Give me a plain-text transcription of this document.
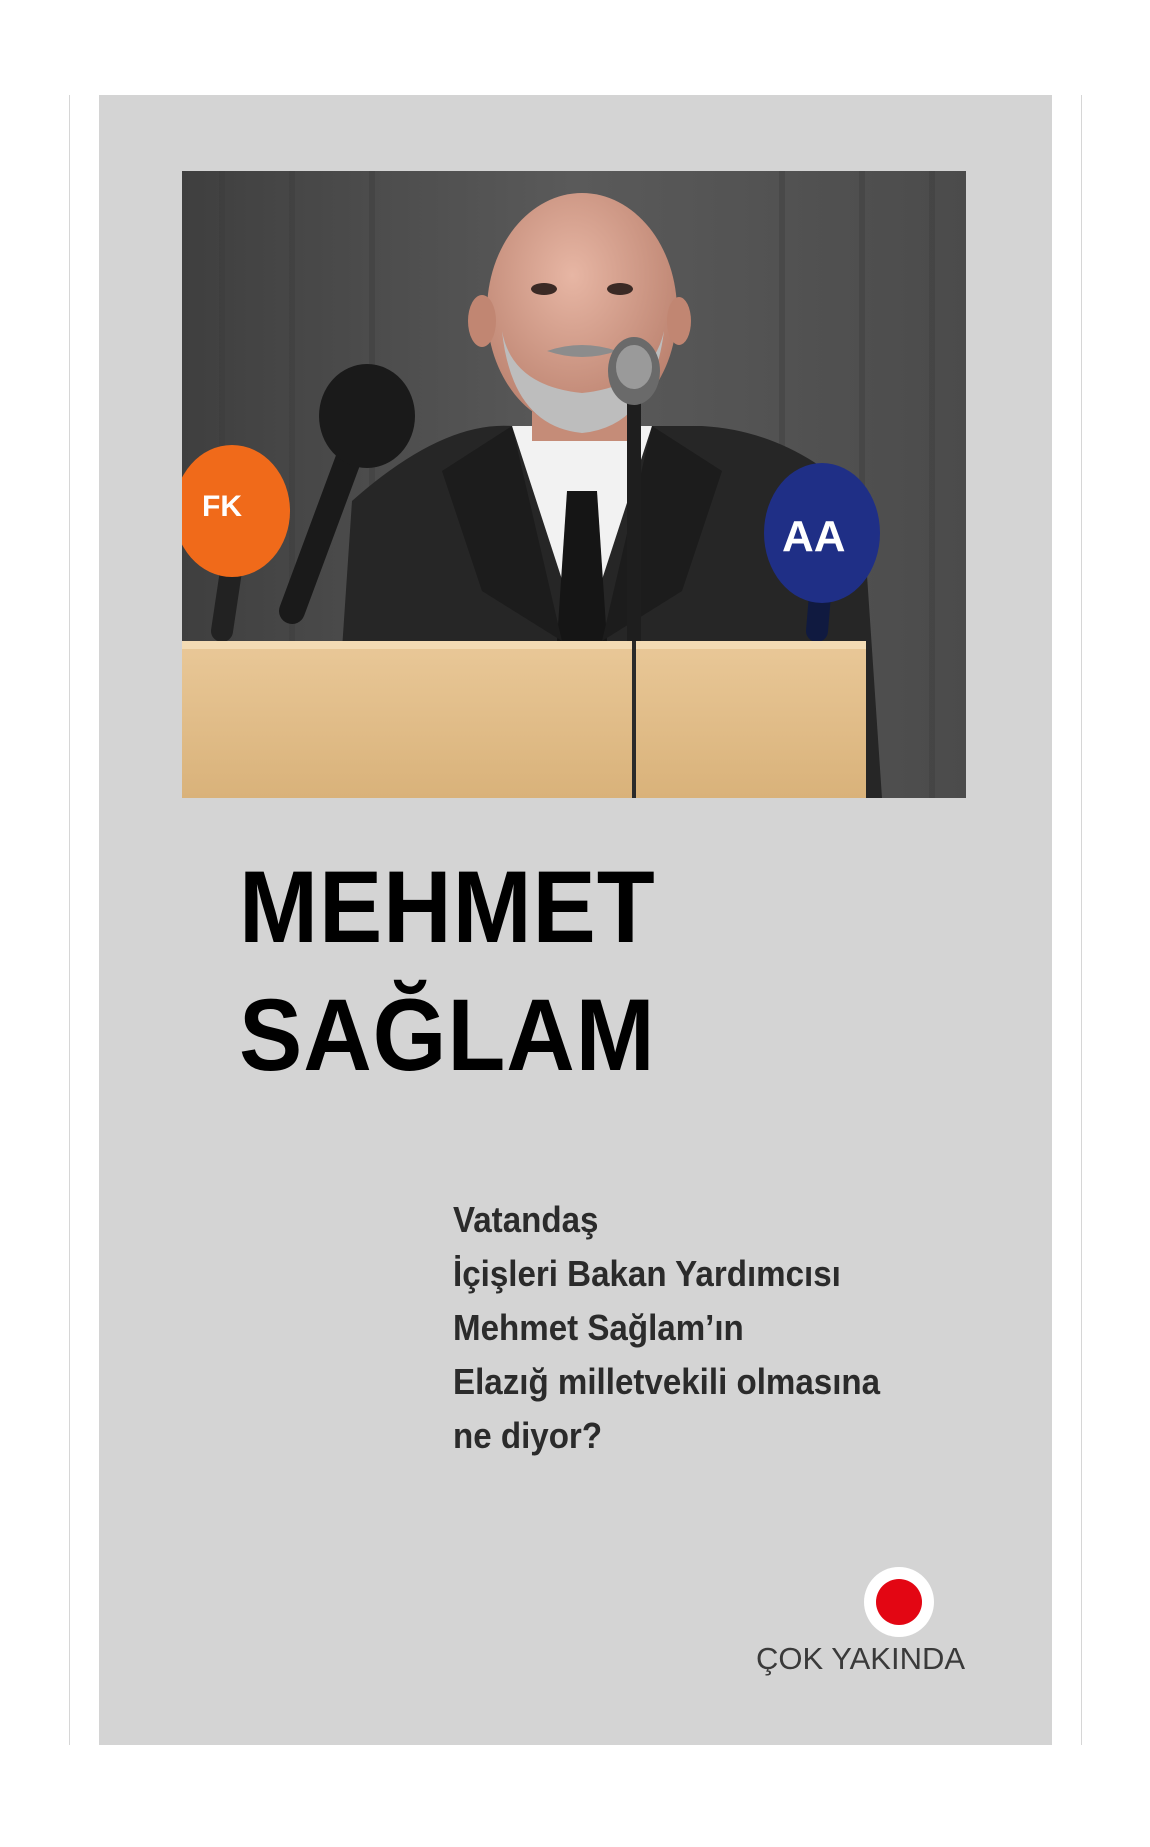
FK
AA
MEHMET
SAĞLAM
Vatandaş
İçişleri Bakan Yardımcısı
Mehmet Sağlam’ın
Elazığ milletvekili olmasına
ne diyor?
ÇOK YAKINDA
